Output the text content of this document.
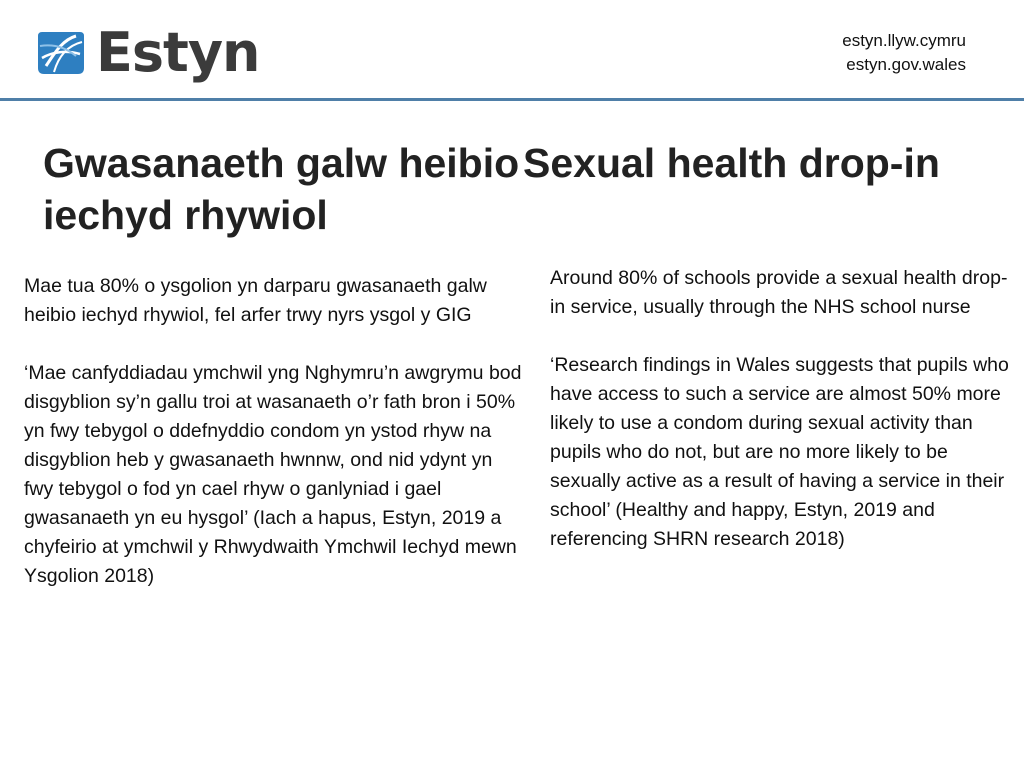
Estyn	estyn.llyw.cymru
estyn.gov.wales
Gwasanaeth galw heibio iechyd rhywiol
Sexual health drop-in

Mae tua 80% o ysgolion yn darparu gwasanaeth galw heibio iechyd rhywiol, fel arfer trwy nyrs ysgol y GIG

‘Mae canfyddiadau ymchwil yng Nghymru’n awgrymu bod disgyblion sy’n gallu troi at wasanaeth o’r fath bron i 50% yn fwy tebygol o ddefnyddio condom yn ystod rhyw na disgyblion heb y gwasanaeth hwnnw, ond nid ydynt yn fwy tebygol o fod yn cael rhyw o ganlyniad i gael gwasanaeth yn eu hysgol’ (Iach a hapus, Estyn, 2019 a chyfeirio at ymchwil y Rhwydwaith Ymchwil Iechyd mewn Ysgolion 2018)

Around 80% of schools provide a sexual health drop-in service, usually through the NHS school nurse

‘Research findings in Wales suggests that pupils who have access to such a service are almost 50% more likely to use a condom during sexual activity than pupils who do not, but are no more likely to be sexually active as a result of having a service in their school’ (Healthy and happy, Estyn, 2019 and referencing SHRN research 2018)
